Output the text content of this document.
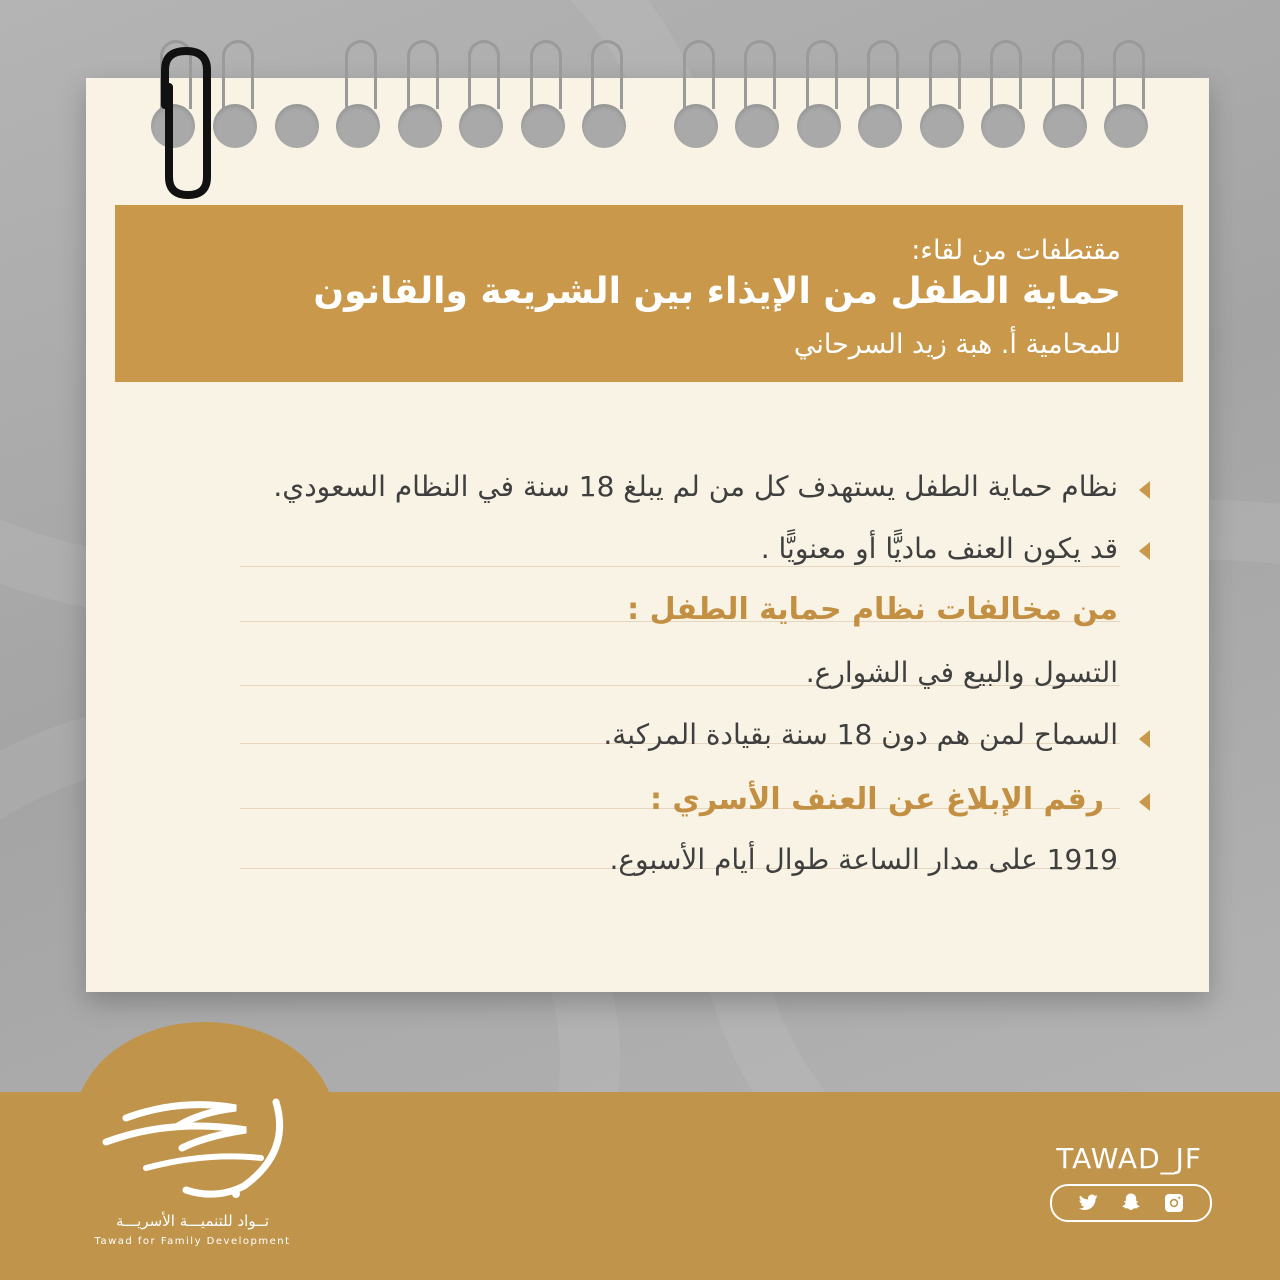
مقتطفات من لقاء:

حماية الطفل من الإيذاء بين الشريعة والقانون

للمحامية أ. هبة زيد السرحاني

نظام حماية الطفل يستهدف كل من لم يبلغ 18 سنة في النظام السعودي.
قد يكون العنف ماديًّا أو معنويًّا .
من مخالفات نظام حماية الطفل :
التسول والبيع في الشوارع.
السماح لمن هم دون 18 سنة بقيادة المركبة.
رقم الإبلاغ عن العنف الأسري :
1919 على مدار الساعة طوال أيام الأسبوع.
تــواد للتنميـــة الأسريـــة
Tawad for Family Development
TAWAD_JF
